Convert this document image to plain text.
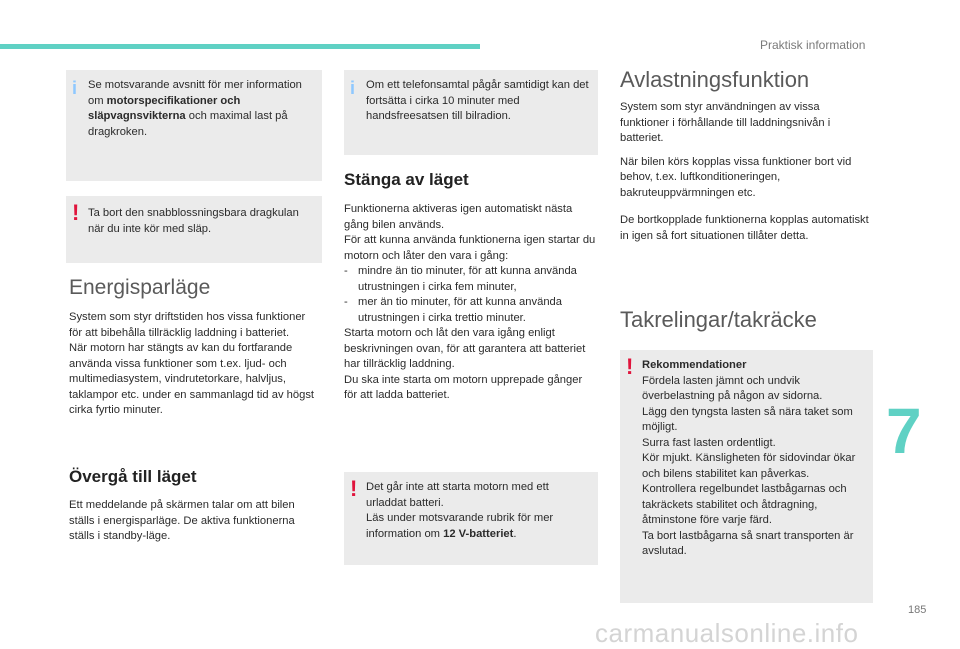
Praktisk information
i Se motsvarande avsnitt för mer information om motorspecifikationer och släpvagnsvikterna och maximal last på dragkroken.

! Ta bort den snabblossningsbara dragkulan när du inte kör med släp.

Energisparläge

System som styr driftstiden hos vissa funktioner för att bibehålla tillräcklig laddning i batteriet.

När motorn har stängts av kan du fortfarande använda vissa funktioner som t.ex. ljud- och multimediasystem, vindrutetorkare, halvljus, taklampor etc. under en sammanlagd tid av högst cirka fyrtio minuter.

Övergå till läget

Ett meddelande på skärmen talar om att bilen ställs i energisparläge. De aktiva funktionerna ställs i standby-läge.

i Om ett telefonsamtal pågår samtidigt kan det fortsätta i cirka 10 minuter med handsfreesatsen till bilradion.

Stänga av läget

Funktionerna aktiveras igen automatiskt nästa gång bilen används.

För att kunna använda funktionerna igen startar du motorn och låter den vara i gång:

- mindre än tio minuter, för att kunna använda utrustningen i cirka fem minuter,

- mer än tio minuter, för att kunna använda utrustningen i cirka trettio minuter.

Starta motorn och låt den vara igång enligt beskrivningen ovan, för att garantera att batteriet har tillräcklig laddning.

Du ska inte starta om motorn upprepade gånger för att ladda batteriet.

! Det går inte att starta motorn med ett urladdat batteri.

Läs under motsvarande rubrik för mer information om 12 V-batteriet.

Avlastningsfunktion

System som styr användningen av vissa funktioner i förhållande till laddningsnivån i batteriet.

När bilen körs kopplas vissa funktioner bort vid behov, t.ex. luftkonditioneringen, bakruteuppvärmningen etc.

De bortkopplade funktionerna kopplas automatiskt in igen så fort situationen tillåter detta.

Takrelingar/takräcke
! Rekommendationer

Fördela lasten jämnt och undvik överbelastning på någon av sidorna.

Lägg den tyngsta lasten så nära taket som möjligt.

Surra fast lasten ordentligt.

Kör mjukt. Känsligheten för sidovindar ökar och bilens stabilitet kan påverkas.

Kontrollera regelbundet lastbågarnas och takräckets stabilitet och åtdragning, åtminstone före varje färd.

Ta bort lastbågarna så snart transporten är avslutad.

7
185
carmanualsonline.info
